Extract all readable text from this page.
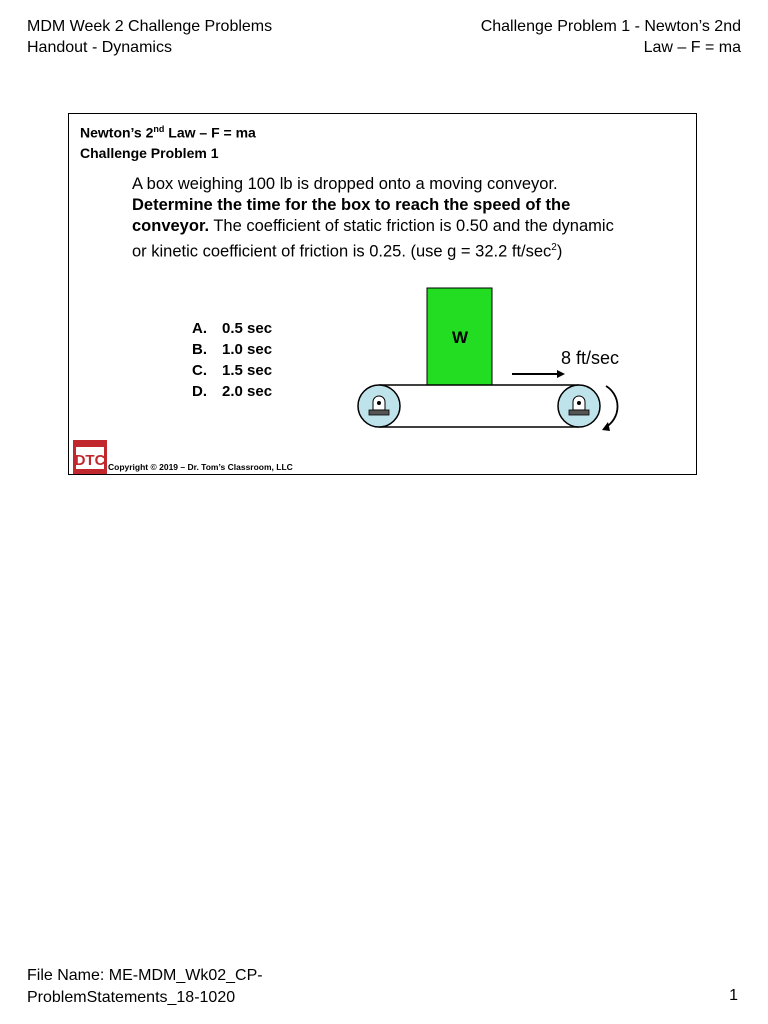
MDM Week 2 Challenge Problems
Handout - Dynamics
Challenge Problem 1 - Newton’s 2nd
Law – F = ma
Newton’s 2nd Law – F = ma
Challenge Problem 1
A box weighing 100 lb is dropped onto a moving conveyor. Determine the time for the box to reach the speed of the conveyor. The coefficient of static friction is 0.50 and the dynamic or kinetic coefficient of friction is 0.25. (use g = 32.2 $ft/\sec^2$)
A.	0.5 sec
B.	1.0 sec
C.	1.5 sec
D.	2.0 sec
W
8 ft/sec
DTC Copyright © 2019 – Dr. Tom’s Classroom, LLC
File Name: ME-MDM_Wk02_CP-
ProblemStatements_18-1020	1
